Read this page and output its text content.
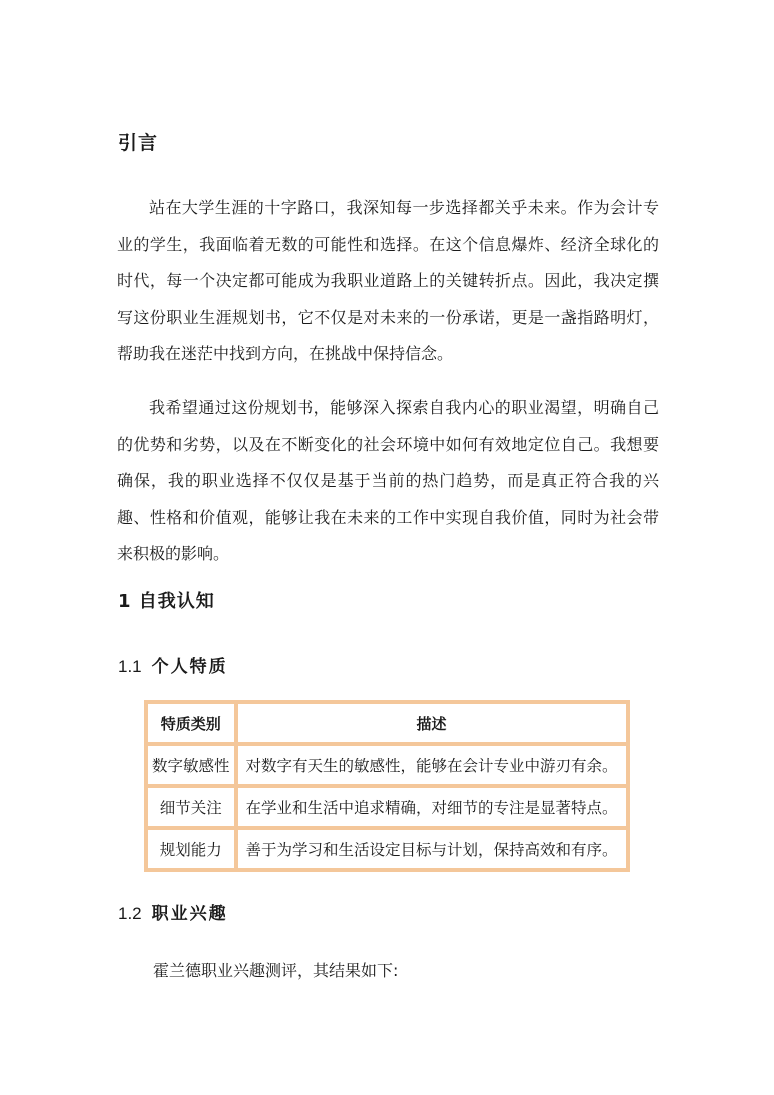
引言

站在大学生涯的十字路口，我深知每一步选择都关乎未来。作为会计专业的学生，我面临着无数的可能性和选择。在这个信息爆炸、经济全球化的时代，每一个决定都可能成为我职业道路上的关键转折点。因此，我决定撰写这份职业生涯规划书，它不仅是对未来的一份承诺，更是一盏指路明灯，帮助我在迷茫中找到方向，在挑战中保持信念。

我希望通过这份规划书，能够深入探索自我内心的职业渴望，明确自己的优势和劣势，以及在不断变化的社会环境中如何有效地定位自己。我想要确保，我的职业选择不仅仅是基于当前的热门趋势，而是真正符合我的兴趣、性格和价值观，能够让我在未来的工作中实现自我价值，同时为社会带来积极的影响。

1 自我认知
1.1 个人特质
特质类别	描述
数字敏感性	对数字有天生的敏感性，能够在会计专业中游刃有余。
细节关注	在学业和生活中追求精确，对细节的专注是显著特点。
规划能力	善于为学习和生活设定目标与计划，保持高效和有序。
1.2 职业兴趣
霍兰德职业兴趣测评，其结果如下:
